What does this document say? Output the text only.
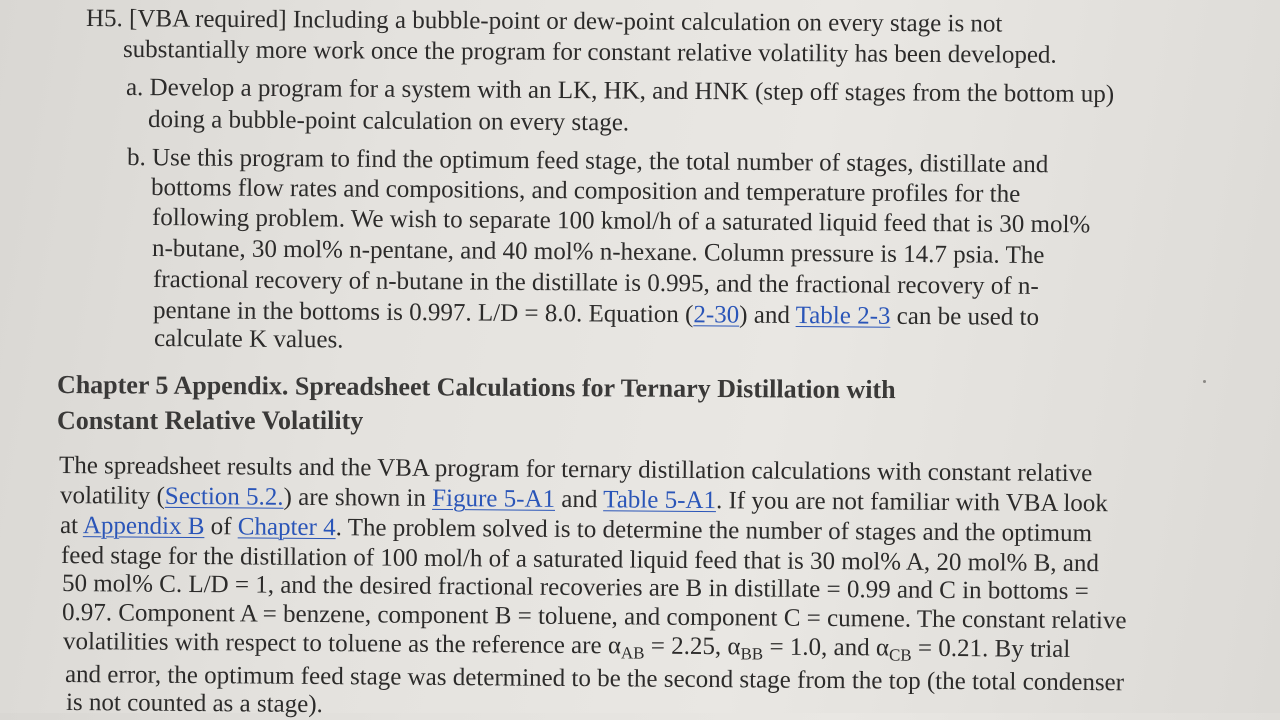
H5. [VBA required] Including a bubble-point or dew-point calculation on every stage is not
substantially more work once the program for constant relative volatility has been developed.
a. Develop a program for a system with an LK, HK, and HNK (step off stages from the bottom up)
doing a bubble-point calculation on every stage.
b. Use this program to find the optimum feed stage, the total number of stages, distillate and
bottoms flow rates and compositions, and composition and temperature profiles for the
following problem. We wish to separate 100 kmol/h of a saturated liquid feed that is 30 mol%
n-butane, 30 mol% n-pentane, and 40 mol% n-hexane. Column pressure is 14.7 psia. The
fractional recovery of n-butane in the distillate is 0.995, and the fractional recovery of n-
pentane in the bottoms is 0.997. L/D = 8.0. Equation (2-30) and Table 2-3 can be used to
calculate K values.
Chapter 5 Appendix. Spreadsheet Calculations for Ternary Distillation with
Constant Relative Volatility
The spreadsheet results and the VBA program for ternary distillation calculations with constant relative
volatility (Section 5.2.) are shown in Figure 5-A1 and Table 5-A1. If you are not familiar with VBA look
at Appendix B of Chapter 4. The problem solved is to determine the number of stages and the optimum
feed stage for the distillation of 100 mol/h of a saturated liquid feed that is 30 mol% A, 20 mol% B, and
50 mol% C. L/D = 1, and the desired fractional recoveries are B in distillate = 0.99 and C in bottoms =
0.97. Component A = benzene, component B = toluene, and component C = cumene. The constant relative
volatilities with respect to toluene as the reference are $\alpha_{AB} = 2.25$, $\alpha_{BB} = 1.0$, and $\alpha_{CB} = 0.21$. By trial
and error, the optimum feed stage was determined to be the second stage from the top (the total condenser
is not counted as a stage).
